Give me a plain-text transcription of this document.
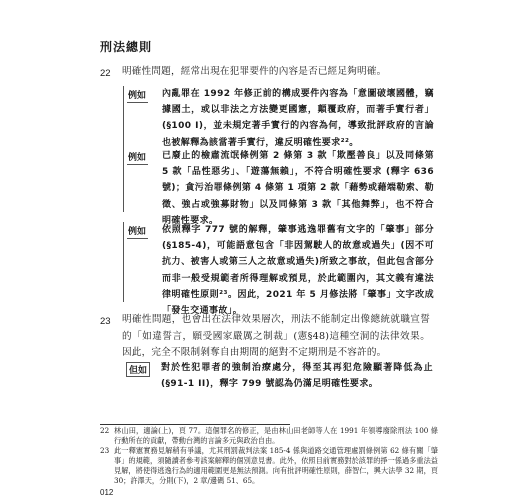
刑法總則
22 明確性問題，經常出現在犯罪要件的內容是否已經足夠明確。
例如 內亂罪在 1992 年修正前的構成要件內容為「意圖破壞國體，竊據國土，或以非法之方法變更國憲，顛覆政府，而著手實行者」(§100 I)，並未規定著手實行的內容為何，導致批評政府的言論也被解釋為該當著手實行，違反明確性要求²²。
例如 已廢止的檢肅流氓條例第 2 條第 3 款「欺壓善良」以及同條第 5 款「品性惡劣」、「遊蕩無賴」，不符合明確性要求 (釋字 636 號)；貪污治罪條例第 4 條第 1 項第 2 款「藉勢或藉端勒索、勒徵、強占或強募財物」以及同條第 3 款「其他舞弊」，也不符合明確性要求。
例如 依照釋字 777 號的解釋，肇事逃逸罪舊有文字的「肇事」部分(§185-4)，可能語意包含「非因駕駛人的故意或過失」(因不可抗力、被害人或第三人之故意或過失)所致之事故，但此包含部分而非一般受規範者所得理解或預見，於此範圍內，其文義有違法律明確性原則²³。因此，2021 年 5 月修法將「肇事」文字改成「發生交通事故」。
23 明確性問題，也會出在法律效果層次，刑法不能制定出像總統就職宣誓的「如違誓言，願受國家嚴厲之制裁」(憲§48)這種空洞的法律效果。因此，完全不限制剝奪自由期間的絕對不定期刑是不容許的。
但如	對於性犯罪者的強制治療處分，得至其再犯危險顯著降低為止(§91-1 II)，釋字 799 號認為仍滿足明確性要求。
22 林山田，適論(上)，頁 77。這個罪名的修正，是由林山田老師等人在 1991 年領導廢除刑法 100 條行動所在的貢獻，帶動台灣的言論多元與政治自由。
23 此一釋憲實務見解稍有爭議，尤其刑罰裁判法案 185-4 係與道路交通管理處罰條例第 62 條有關「肇事」的規範，須隨讀者參考該案解釋的個別意見書。此外，依照目前實務對於該罪的掙一係過多重法益見解，將使得逃逸行為的適用範圍更是無法預測。向有批評明確性原則，薛智仁，興大法學 32 期，頁 30；許澤天，分則(下)，2 章/邊碼 51、65。
012
